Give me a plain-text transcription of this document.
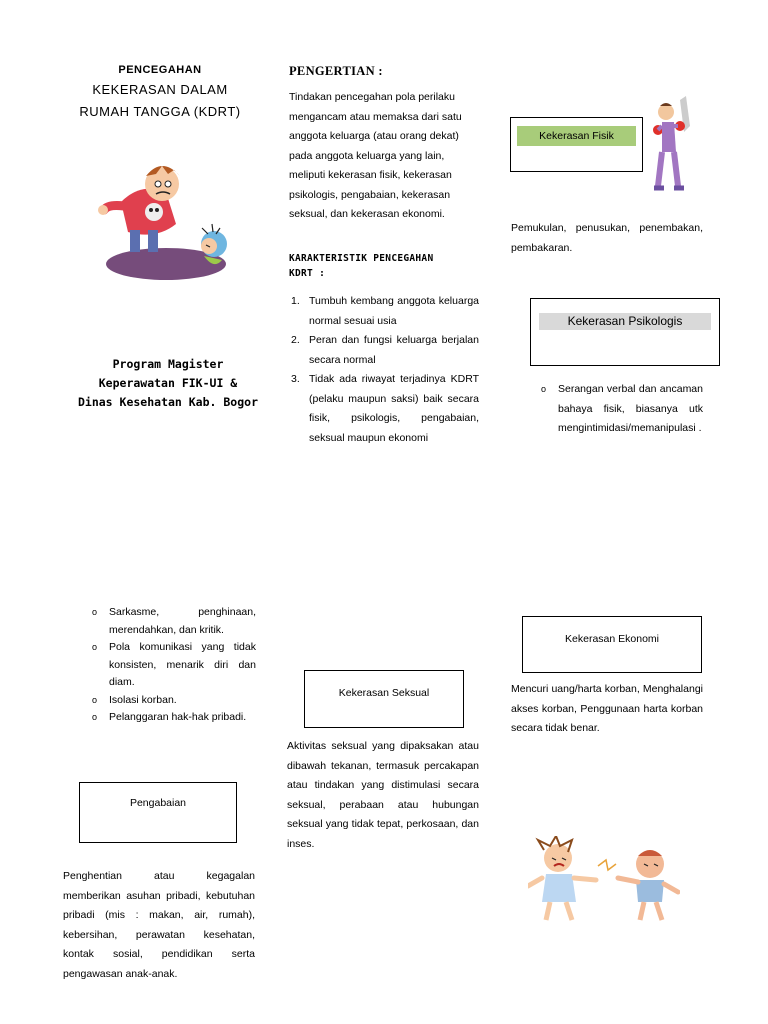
PENCEGAHAN
KEKERASAN DALAM
RUMAH TANGGA (KDRT)
Program Magister
Keperawatan FIK-UI &
Dinas Kesehatan Kab. Bogor
PENGERTIAN :
Tindakan pencegahan pola perilaku mengancam atau memaksa dari satu anggota keluarga (atau orang dekat) pada anggota keluarga yang lain, meliputi kekerasan fisik, kekerasan psikologis, pengabaian, kekerasan seksual, dan kekerasan ekonomi.
KARAKTERISTIK PENCEGAHAN
KDRT :
1. Tumbuh kembang anggota keluarga normal sesuai usia
2. Peran dan fungsi keluarga berjalan secara normal
3. Tidak ada riwayat terjadinya KDRT (pelaku maupun saksi) baik secara fisik, psikologis, pengabaian, seksual maupun ekonomi
Kekerasan Fisik
Pemukulan, penusukan, penembakan, pembakaran.
Kekerasan Psikologis
o Serangan verbal dan ancaman bahaya fisik, biasanya utk mengintimidasi/memanipulasi .
o Sarkasme, penghinaan, merendahkan, dan kritik.
o Pola komunikasi yang tidak konsisten, menarik diri dan diam.
o Isolasi korban.
o Pelanggaran hak-hak pribadi.
Pengabaian
Penghentian atau kegagalan memberikan asuhan pribadi, kebutuhan pribadi (mis : makan, air, rumah), kebersihan, perawatan kesehatan, kontak sosial, pendidikan serta pengawasan anak-anak.
Kekerasan Seksual
Aktivitas seksual yang dipaksakan atau dibawah tekanan, termasuk percakapan atau tindakan yang distimulasi secara seksual, perabaan atau hubungan seksual yang tidak tepat, perkosaan, dan inses.
Kekerasan Ekonomi
Mencuri uang/harta korban, Menghalangi akses korban, Penggunaan harta korban secara tidak benar.
